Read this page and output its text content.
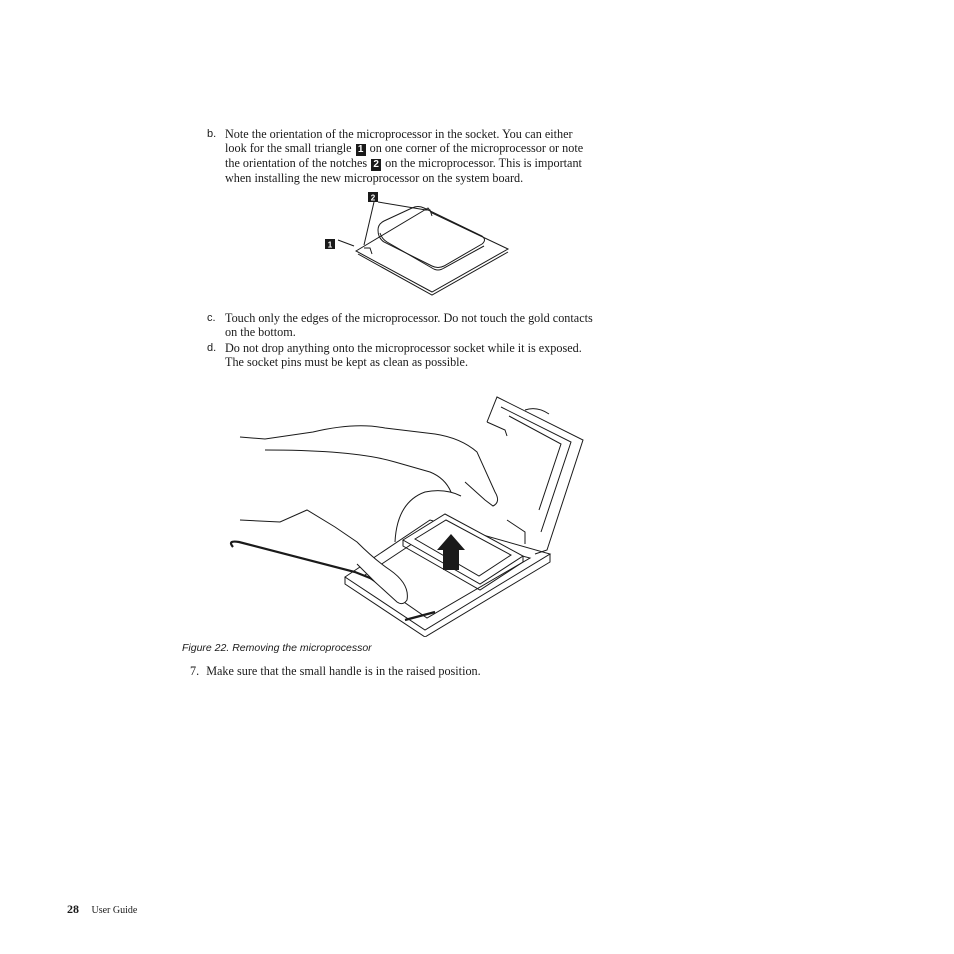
b. Note the orientation of the microprocessor in the socket. You can either
look for the small triangle 1 on one corner of the microprocessor or note
the orientation of the notches 2 on the microprocessor. This is important
when installing the new microprocessor on the system board.
2
1
c. Touch only the edges of the microprocessor. Do not touch the gold contacts
on the bottom.
d. Do not drop anything onto the microprocessor socket while it is exposed.
The socket pins must be kept as clean as possible.
Figure 22. Removing the microprocessor
7. Make sure that the small handle is in the raised position.
28 User Guide
